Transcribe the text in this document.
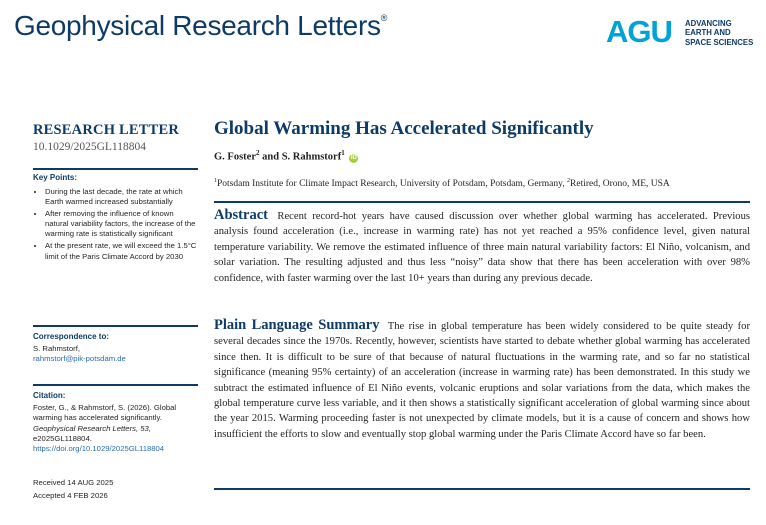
Geophysical Research Letters®	AGU ADVANCING
EARTH AND
SPACE SCIENCES
RESEARCH LETTER
10.1029/2025GL118804
Key Points:
• During the last decade, the rate at which Earth warmed increased substantially
• After removing the influence of known natural variability factors, the increase of the warming rate is statistically significant
• At the present rate, we will exceed the 1.5°C limit of the Paris Climate Accord by 2030
Correspondence to:
S. Rahmstorf,
rahmstorf@pik-potsdam.de
Citation:
Foster, G., & Rahmstorf, S. (2026). Global warming has accelerated significantly. Geophysical Research Letters, 53, e2025GL118804. https://doi.org/10.1029/2025GL118804
Received 14 AUG 2025
Accepted 4 FEB 2026
Global Warming Has Accelerated Significantly
G. Foster$^2$ and S. Rahmstorf$^1$ iD
$^1$Potsdam Institute for Climate Impact Research, University of Potsdam, Potsdam, Germany, $^2$Retired, Orono, ME, USA
Abstract Recent record-hot years have caused discussion over whether global warming has accelerated. Previous analysis found acceleration (i.e., increase in warming rate) has not yet reached a 95% confidence level, given natural temperature variability. We remove the estimated influence of three main natural variability factors: El Niño, volcanism, and solar variation. The resulting adjusted and thus less “noisy” data show that there has been acceleration with over 98% confidence, with faster warming over the last 10+ years than during any previous decade.
Plain Language Summary The rise in global temperature has been widely considered to be quite steady for several decades since the 1970s. Recently, however, scientists have started to debate whether global warming has accelerated since then. It is difficult to be sure of that because of natural fluctuations in the warming rate, and so far no statistical significance (meaning 95% certainty) of an acceleration (increase in warming rate) has been demonstrated. In this study we subtract the estimated influence of El Niño events, volcanic eruptions and solar variations from the data, which makes the global temperature curve less variable, and it then shows a statistically significant acceleration of global warming since about the year 2015. Warming proceeding faster is not unexpected by climate models, but it is a cause of concern and shows how insufficient the efforts to slow and eventually stop global warming under the Paris Climate Accord have so far been.
